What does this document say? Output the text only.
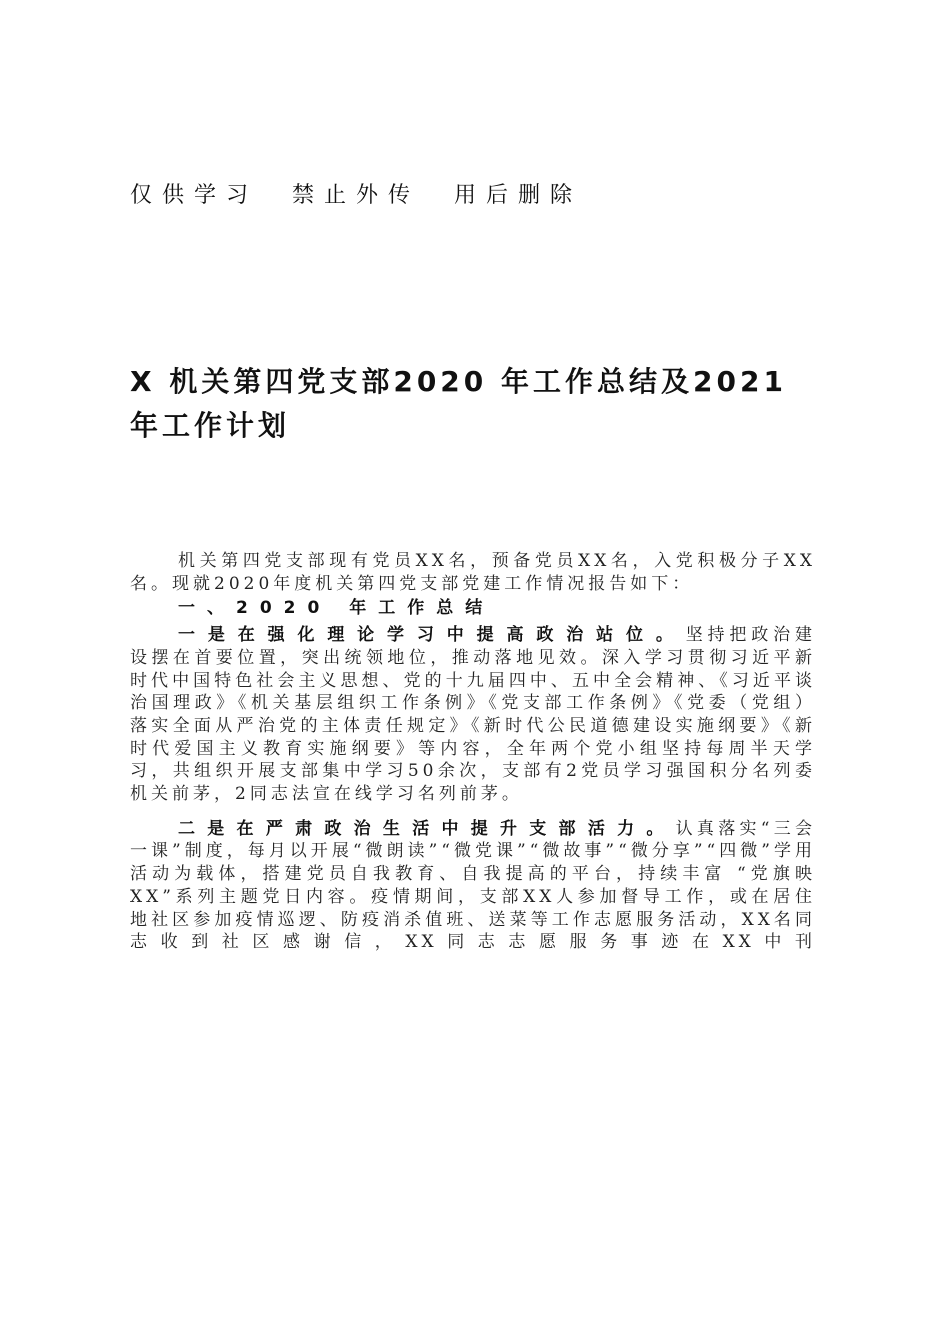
仅供学习  禁止外传  用后删除
X 机关第四党支部2020 年工作总结及2021 年工作计划

机关第四党支部现有党员XX名，预备党员XX名，入党积极分子XX名。现就2020年度机关第四党支部党建工作情况报告如下：

一、2020 年工作总结

一是在强化理论学习中提高政治站位。坚持把政治建设摆在首要位置，突出统领地位，推动落地见效。深入学习贯彻习近平新时代中国特色社会主义思想、党的十九届四中、五中全会精神、《习近平谈治国理政》《机关基层组织工作条例》《党支部工作条例》《党委（党组）落实全面从严治党的主体责任规定》《新时代公民道德建设实施纲要》《新时代爱国主义教育实施纲要》等内容，全年两个党小组坚持每周半天学习，共组织开展支部集中学习50余次，支部有2党员学习强国积分名列委机关前茅，2同志法宣在线学习名列前茅。

二是在严肃政治生活中提升支部活力。认真落实“三会一课”制度，每月以开展“微朗读”“微党课”“微故事”“微分享”“四微”学用活动为载体，搭建党员自我教育、自我提高的平台，持续丰富 “党旗映XX”系列主题党日内容。疫情期间，支部XX人参加督导工作，或在居住地社区参加疫情巡逻、防疫消杀值班、送菜等工作志愿服务活动，XX名同志收到社区感谢信，XX同志志愿服务事迹在XX中刊
